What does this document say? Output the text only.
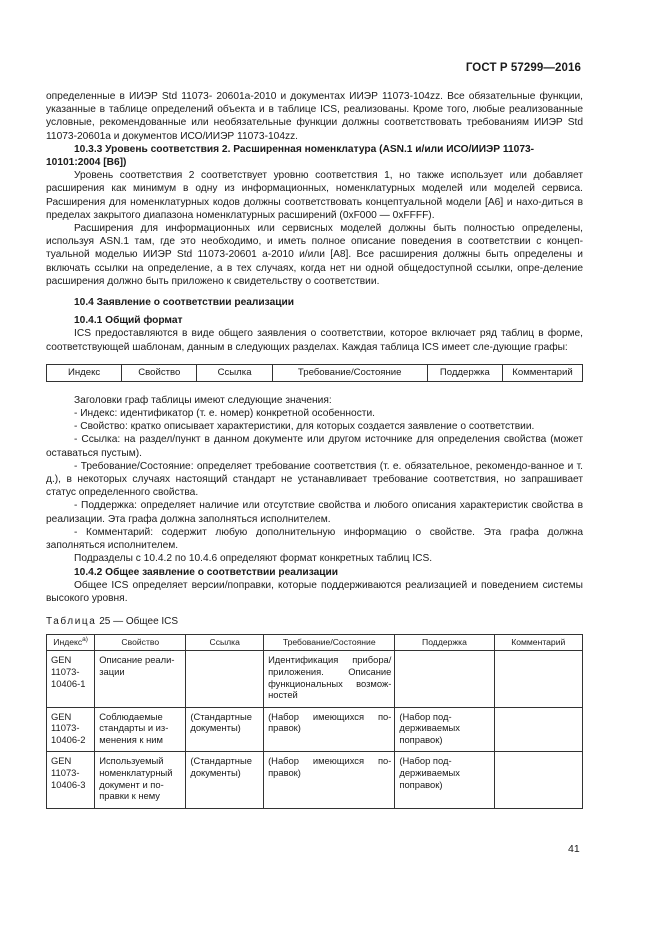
ГОСТ Р 57299—2016

определенные в ИИЭР Std 11073- 20601a-2010 и документах ИИЭР 11073-104zz. Все обязательные функции, указанные в таблице определений объекта и в таблице ICS, реализованы. Кроме того, любые реализованные условные, рекомендованные или необязательные функции должны соответствовать требованиям ИИЭР Std 11073-20601a и документов ИСО/ИИЭР 11073-104zz.

10.3.3 Уровень соответствия 2. Расширенная номенклатура (ASN.1 и/или ИСО/ИИЭР 11073-10101:2004 [B6])

Уровень соответствия 2 соответствует уровню соответствия 1, но также использует или добавляет расширения как минимум в одну из информационных, номенклатурных моделей или моделей сервиса. Расширения для номенклатурных кодов должны соответствовать концептуальной модели [A6] и нахо-диться в пределах закрытого диапазона номенклатурных расширений (0xF000 — 0xFFFF).

Расширения для информационных или сервисных моделей должны быть полностью определены, используя ASN.1 там, где это необходимо, и иметь полное описание поведения в соответствии с концеп-туальной моделью ИИЭР Std 11073-20601 a-2010 и/или [A8]. Все расширения должны быть определены и включать ссылки на определение, а в тех случаях, когда нет ни одной общедоступной ссылки, опре-деление расширения должно быть приложено к свидетельству о соответствии.

10.4 Заявление о соответствии реализации

10.4.1 Общий формат

ICS предоставляются в виде общего заявления о соответствии, которое включает ряд таблиц в форме, соответствующей шаблонам, данным в следующих разделах. Каждая таблица ICS имеет сле-дующие графы:

Индекс	Свойство	Ссылка	Требование/Состояние	Поддержка	Комментарий

Заголовки граф таблицы имеют следующие значения:

- Индекс: идентификатор (т. е. номер) конкретной особенности.

- Свойство: кратко описывает характеристики, для которых создается заявление о соответствии.

- Ссылка: на раздел/пункт в данном документе или другом источнике для определения свойства (может оставаться пустым).

- Требование/Состояние: определяет требование соответствия (т. е. обязательное, рекомендо-ванное и т. д.), в некоторых случаях настоящий стандарт не устанавливает требование соответствия, но запрашивает статус определенного свойства.

- Поддержка: определяет наличие или отсутствие свойства и любого описания характеристик свойства в реализации. Эта графа должна заполняться исполнителем.

- Комментарий: содержит любую дополнительную информацию о свойстве. Эта графа должна заполняться исполнителем.

Подразделы с 10.4.2 по 10.4.6 определяют формат конкретных таблиц ICS.

10.4.2 Общее заявление о соответствии реализации

Общее ICS определяет версии/поправки, которые поддерживаются реализацией и поведением системы высокого уровня.

Таблица 25 — Общее ICS
Индекс$^{а)}$	Свойство	Ссылка	Требование/Состояние	Поддержка	Комментарий
GEN 11073-10406-1	Описание реали-зации		Идентификация прибора/ приложения. Описание функциональных возмож-ностей		
GEN 11073-10406-2	Соблюдаемые стандарты и из-менения к ним	(Стандартные документы)	(Набор имеющихся по-правок)	(Набор под-держиваемых поправок)	
GEN 11073-10406-3	Используемый номенклатурный документ и по-правки к нему	(Стандартные документы)	(Набор имеющихся по-правок)	(Набор под-держиваемых поправок)	
41
